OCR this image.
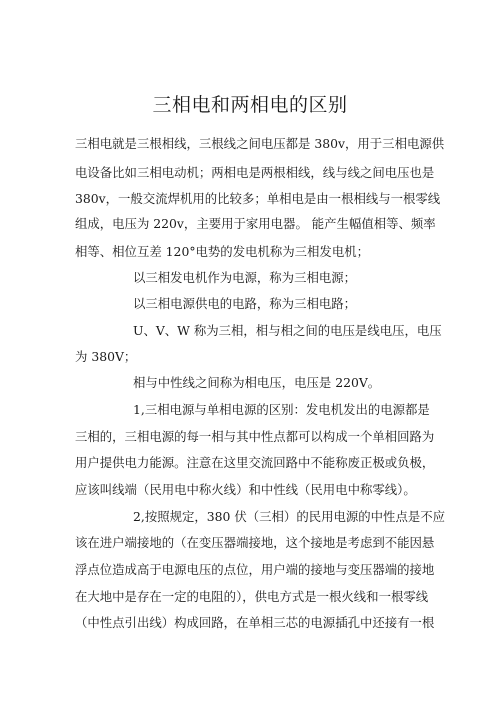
三相电和两相电的区别
三相电就是三根相线，三根线之间电压都是 380v，用于三相电源供
电设备比如三相电动机；两相电是两根相线，线与线之间电压也是
380v，一般交流焊机用的比较多；单相电是由一根相线与一根零线
组成，电压为 220v，主要用于家用电器。 能产生幅值相等、频率
相等、相位互差 120°电势的发电机称为三相发电机；
以三相发电机作为电源，称为三相电源；
以三相电源供电的电路，称为三相电路；
U、V、W 称为三相，相与相之间的电压是线电压，电压
为 380V；
相与中性线之间称为相电压，电压是 220V。
1,三相电源与单相电源的区别：发电机发出的电源都是
三相的，三相电源的每一相与其中性点都可以构成一个单相回路为
用户提供电力能源。注意在这里交流回路中不能称废正极或负极，
应该叫线端（民用电中称火线）和中性线（民用电中称零线）。
2,按照规定，380 伏（三相）的民用电源的中性点是不应
该在进户端接地的（在变压器端接地，这个接地是考虑到不能因悬
浮点位造成高于电源电压的点位，用户端的接地与变压器端的接地
在大地中是存在一定的电阻的），供电方式是一根火线和一根零线
（中性点引出线）构成回路，在单相三芯的电源插孔中还接有一根
